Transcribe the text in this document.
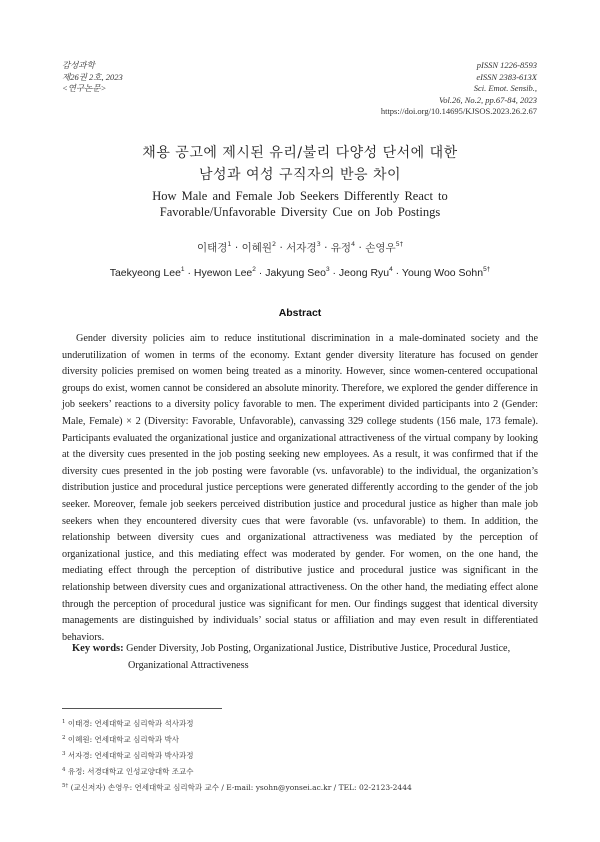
감성과학
제26권 2호, 2023
<연구논문>
pISSN 1226-8593
eISSN 2383-613X
Sci. Emot. Sensib.,
Vol.26, No.2, pp.67-84, 2023
https://doi.org/10.14695/KJSOS.2023.26.2.67
채용 공고에 제시된 유리/불리 다양성 단서에 대한
남성과 여성 구직자의 반응 차이
How Male and Female Job Seekers Differently React to
Favorable/Unfavorable Diversity Cue on Job Postings
이태경$^1$ · 이혜원$^2$ · 서자경$^3$ · 유정$^4$ · 손영우$^{5\dagger}$
Taekyeong Lee$^1$ · Hyewon Lee$^2$ · Jakyung Seo$^3$ · Jeong Ryu$^4$ · Young Woo Sohn$^{5\dagger}$
Abstract
Gender diversity policies aim to reduce institutional discrimination in a male-dominated society and the underutilization of women in terms of the economy. Extant gender diversity literature has focused on gender diversity policies premised on women being treated as a minority. However, since women-centered occupational groups do exist, women cannot be considered an absolute minority. Therefore, we explored the gender difference in job seekers’ reactions to a diversity policy favorable to men. The experiment divided participants into 2 (Gender: Male, Female) × 2 (Diversity: Favorable, Unfavorable), canvassing 329 college students (156 male, 173 female). Participants evaluated the organizational justice and organizational attractiveness of the virtual company by looking at the diversity cues presented in the job posting seeking new employees. As a result, it was confirmed that if the diversity cues presented in the job posting were favorable (vs. unfavorable) to the individual, the organization’s distribution justice and procedural justice perceptions were generated differently according to the gender of the job seeker. Moreover, female job seekers perceived distribution justice and procedural justice as higher than male job seekers when they encountered diversity cues that were favorable (vs. unfavorable) to them. In addition, the relationship between diversity cues and organizational attractiveness was mediated by the perception of organizational justice, and this mediating effect was moderated by gender. For women, on the one hand, the mediating effect through the perception of distributive justice and procedural justice was significant in the relationship between diversity cues and organizational attractiveness. On the other hand, the mediating effect alone through the perception of procedural justice was significant for men. Our findings suggest that identical diversity managements are distinguished by individuals’ social status or affiliation and may even result in differentiated behaviors.
Key words: Gender Diversity, Job Posting, Organizational Justice, Distributive Justice, Procedural Justice,
Organizational Attractiveness
$^1$ 이태경: 연세대학교 심리학과 석사과정
$^2$ 이혜원: 연세대학교 심리학과 박사
$^3$ 서자경: 연세대학교 심리학과 박사과정
$^4$ 유정: 서경대학교 인성교양대학 조교수
$^{5\dagger}$ (교신저자) 손영우: 연세대학교 심리학과 교수 / E-mail: ysohn@yonsei.ac.kr / TEL: 02-2123-2444
